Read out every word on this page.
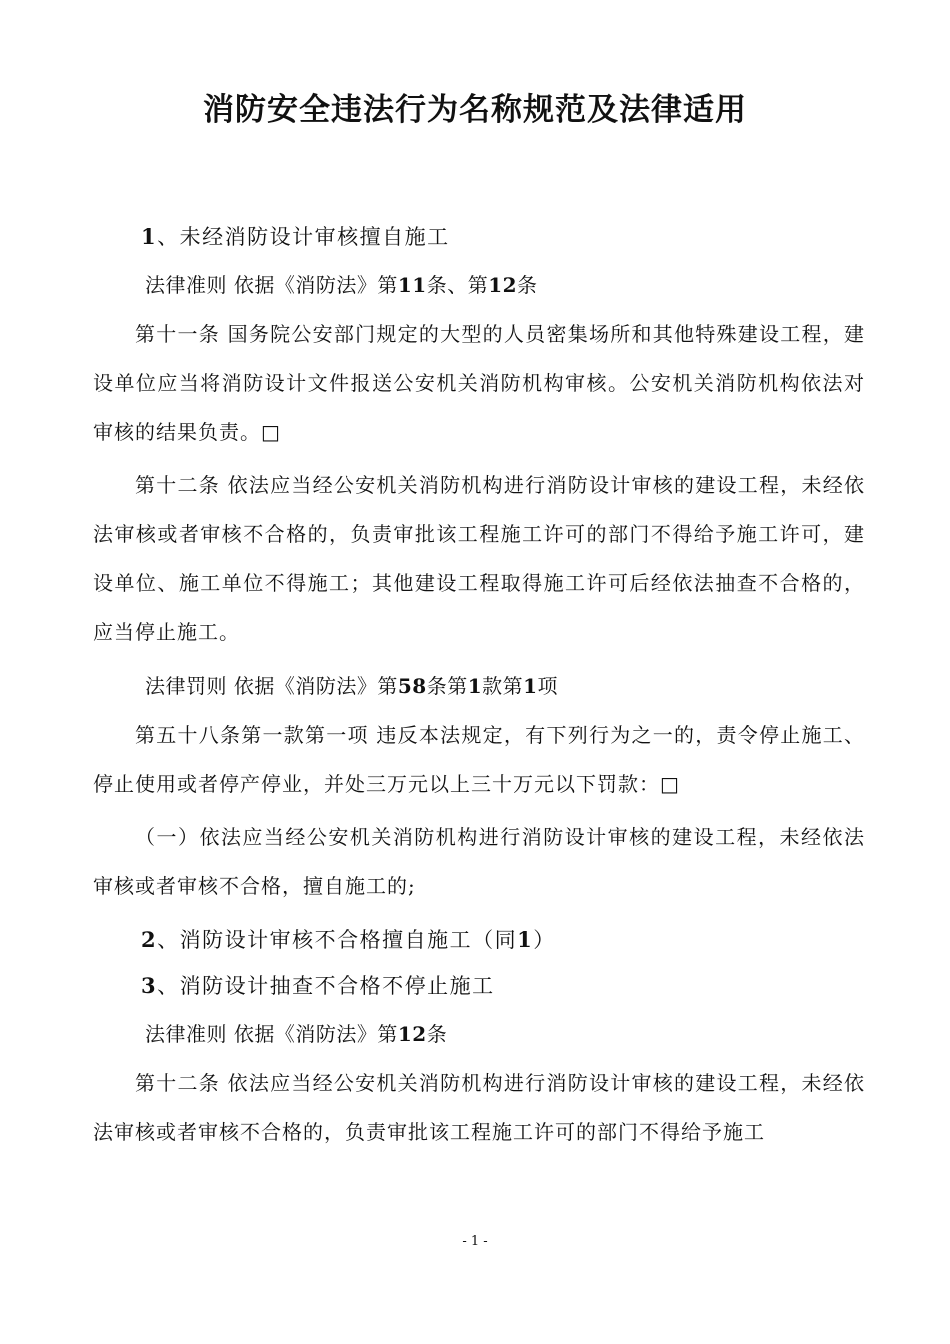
消防安全违法行为名称规范及法律适用
1、未经消防设计审核擅自施工
法律准则 依据《消防法》第11条、第12条

第十一条 国务院公安部门规定的大型的人员密集场所和其他特殊建设工程，建设单位应当将消防设计文件报送公安机关消防机构审核。公安机关消防机构依法对审核的结果负责。□

第十二条 依法应当经公安机关消防机构进行消防设计审核的建设工程，未经依法审核或者审核不合格的，负责审批该工程施工许可的部门不得给予施工许可，建设单位、施工单位不得施工；其他建设工程取得施工许可后经依法抽查不合格的，应当停止施工。

法律罚则 依据《消防法》第58条第1款第1项

第五十八条第一款第一项 违反本法规定，有下列行为之一的，责令停止施工、停止使用或者停产停业，并处三万元以上三十万元以下罚款：□

（一）依法应当经公安机关消防机构进行消防设计审核的建设工程，未经依法审核或者审核不合格，擅自施工的;

2、消防设计审核不合格擅自施工（同1）
3、消防设计抽查不合格不停止施工
法律准则 依据《消防法》第12条

第十二条 依法应当经公安机关消防机构进行消防设计审核的建设工程，未经依法审核或者审核不合格的，负责审批该工程施工许可的部门不得给予施工

- 1 -
